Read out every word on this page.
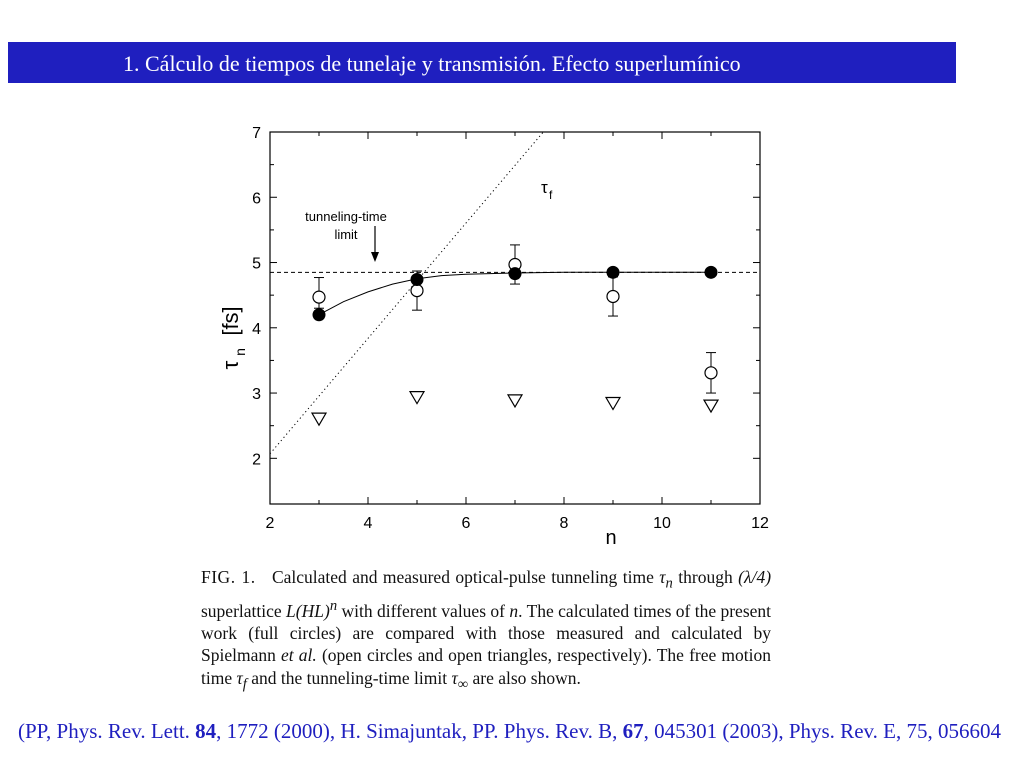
1. Cálculo de tiempos de tunelaje y transmisión. Efecto superlumínico
2	4	6	8	10	12
2
3
4
5
6
7
n
τ
n
[fs]
tunneling-time
limit
τ f
FIG. 1. Calculated and measured optical-pulse tunneling time $\tau_n$ through (λ/4) superlattice L(HL)$^n$ with different values of n. The calculated times of the present work (full circles) are compared with those measured and calculated by Spielmann et al. (open circles and open triangles, respectively). The free motion time $\tau_f$ and the tunneling-time limit $\tau_\infty$ are also shown.
(PP, Phys. Rev. Lett. 84, 1772 (2000), H. Simajuntak, PP. Phys. Rev. B, 67, 045301 (2003), Phys. Rev. E, 75, 056604
